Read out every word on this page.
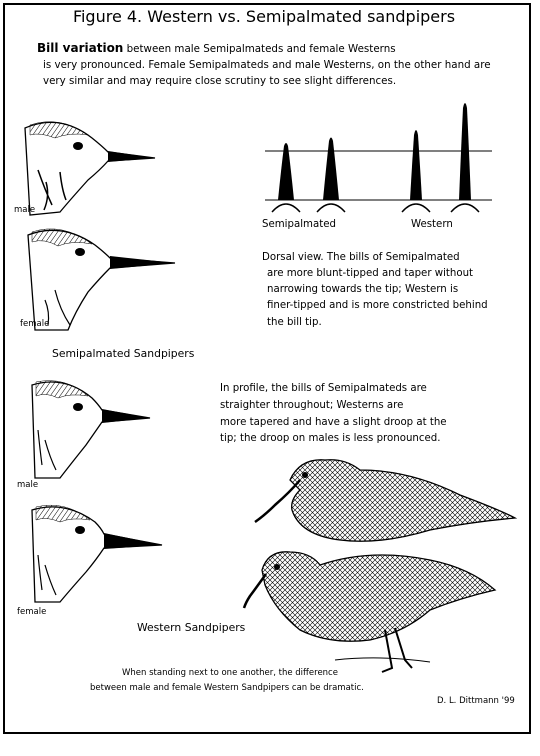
Figure 4. Western vs. Semipalmated sandpipers
Bill variation between male Semipalmateds and female Westerns
is very pronounced. Female Semipalmateds and male Westerns, on the other hand are
very similar and may require close scrutiny to see slight differences.
male
female
Semipalmated	Western
Dorsal view. The bills of Semipalmated
are more blunt-tipped and taper without
narrowing towards the tip; Western is
finer-tipped and is more constricted behind
the bill tip.
Semipalmated Sandpipers
In profile, the bills of Semipalmateds are
straighter throughout; Westerns are
more tapered and have a slight droop at the
tip; the droop on males is less pronounced.
male
female
Western Sandpipers
When standing next to one another, the difference
between male and female Western Sandpipers can be dramatic.
D. L. Dittmann '99
